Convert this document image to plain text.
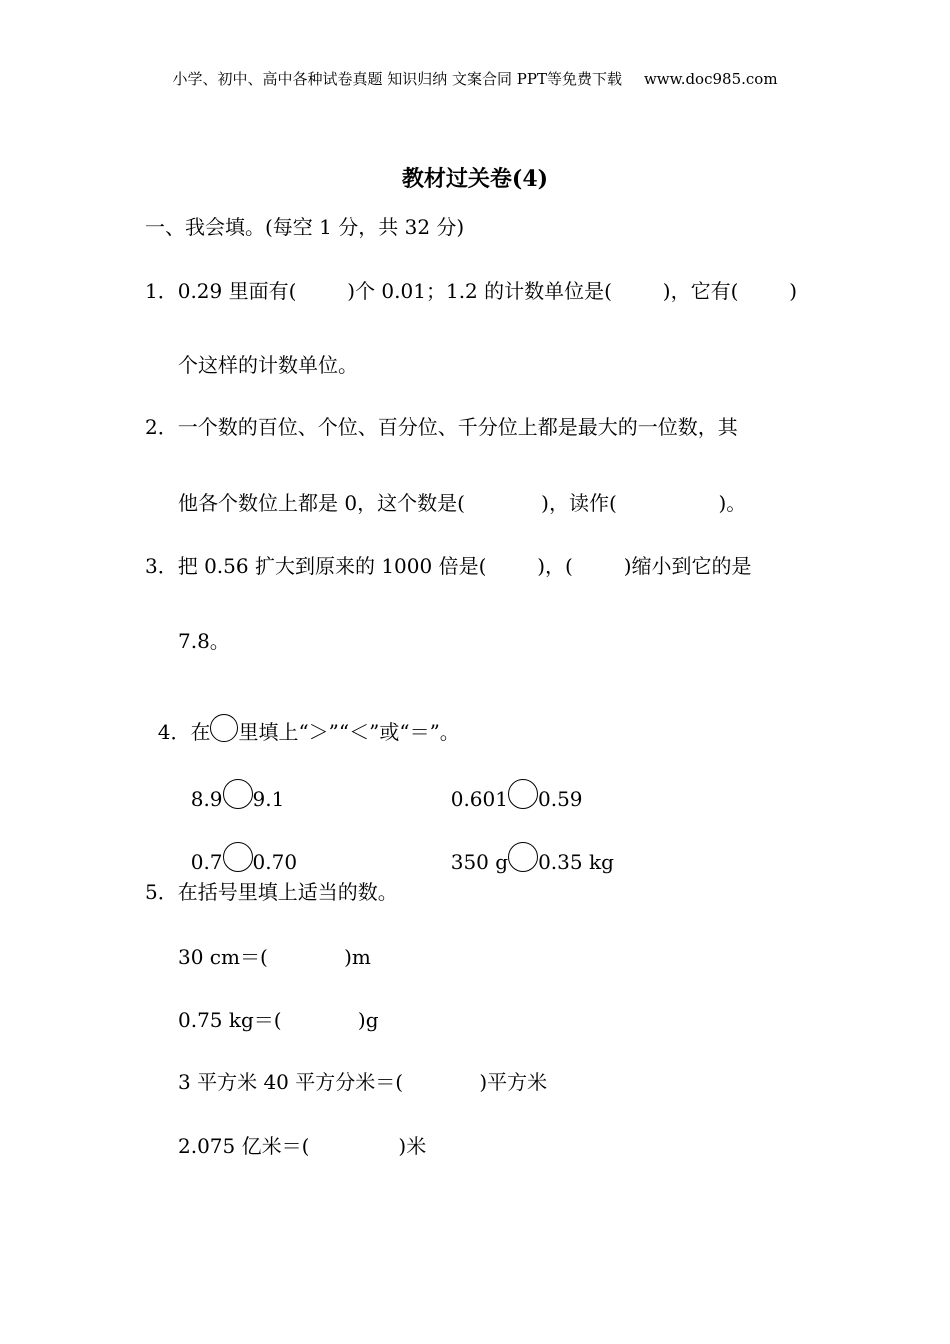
小学、初中、高中各种试卷真题 知识归纳 文案合同 PPT等免费下载 www.doc985.com
教材过关卷(4)
一、我会填。(每空 1 分，共 32 分)
1．0.29 里面有(        )个 0.01；1.2 的计数单位是(        )，它有(        )
个这样的计数单位。
2．一个数的百位、个位、百分位、千分位上都是最大的一位数，其
他各个数位上都是 0，这个数是(            )，读作(                )。
3．把 0.56 扩大到原来的 1000 倍是(        )，(        )缩小到它的是
7.8。

4．在 里填上“＞”“＜”或“＝”。

8.9 9.1	0.601 0.59

0.7 0.70	350 g 0.35 kg

5．在括号里填上适当的数。
30 cm＝(            )m
0.75 kg＝(            )g
3 平方米 40 平方分米＝(            )平方米
2.075 亿米＝(              )米
